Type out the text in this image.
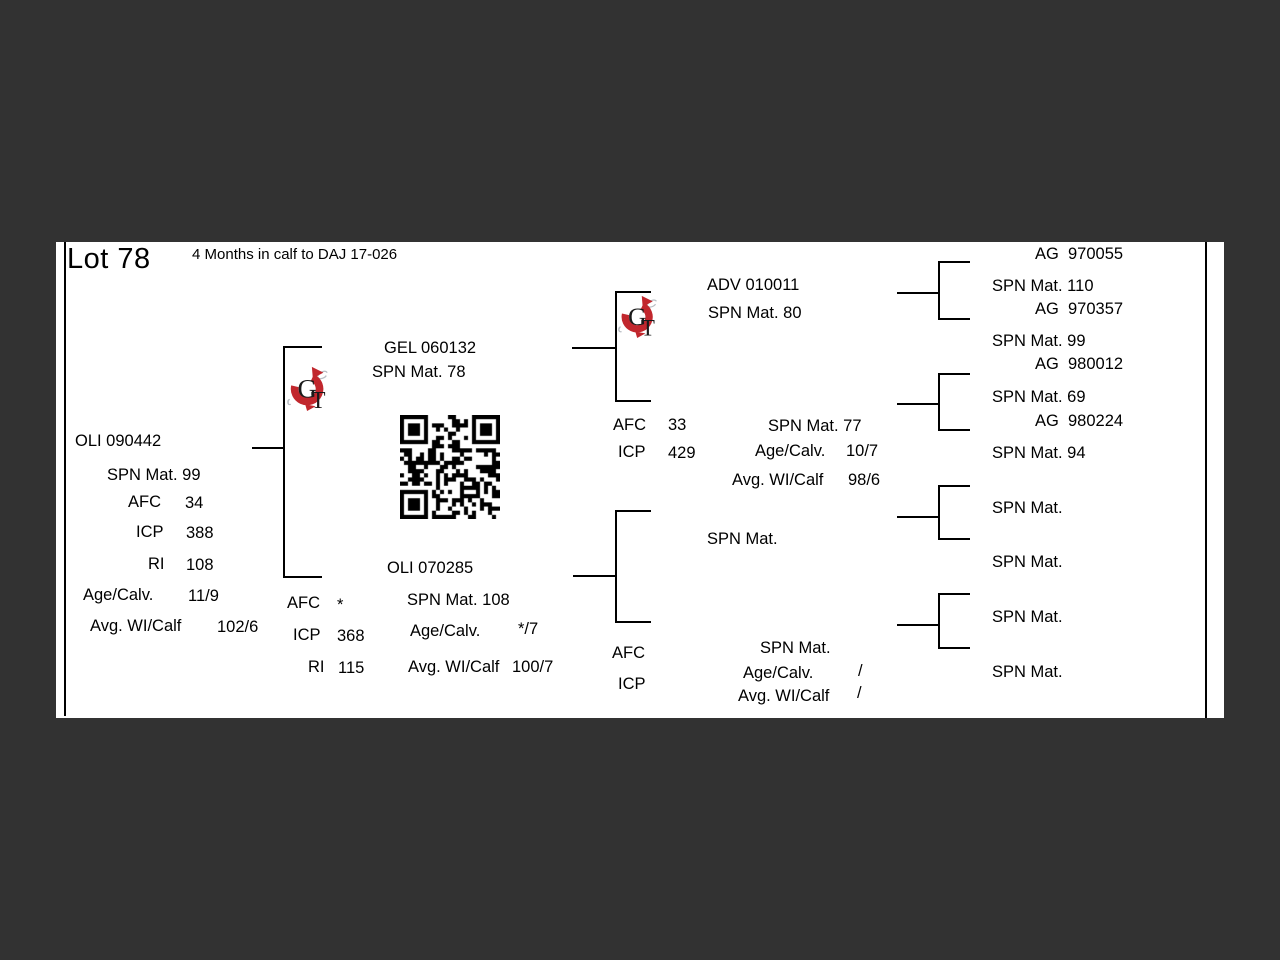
Lot 78	4 Months in calf to DAJ 17-026
OLI 090442
SPN Mat. 99
AFC 34
ICP 388
RI 108
Age/Calv. 11/9
Avg. WI/Calf 102/6
G
T
GEL 060132
SPN Mat. 78
AFC *
ICP 368
RI 115
OLI 070285
SPN Mat. 108
Age/Calv. */7
Avg. WI/Calf 100/7
G
T
ADV 010011
SPN Mat. 80
AFC 33
ICP 429
SPN Mat. 77
Age/Calv. 10/7
Avg. WI/Calf 98/6
SPN Mat.
AFC
ICP
SPN Mat.
Age/Calv.	/
Avg. WI/Calf /
AG  970055
SPN Mat. 110
AG  970357
SPN Mat. 99
AG  980012
SPN Mat. 69
AG  980224
SPN Mat. 94
SPN Mat.
SPN Mat.
SPN Mat.
SPN Mat.
